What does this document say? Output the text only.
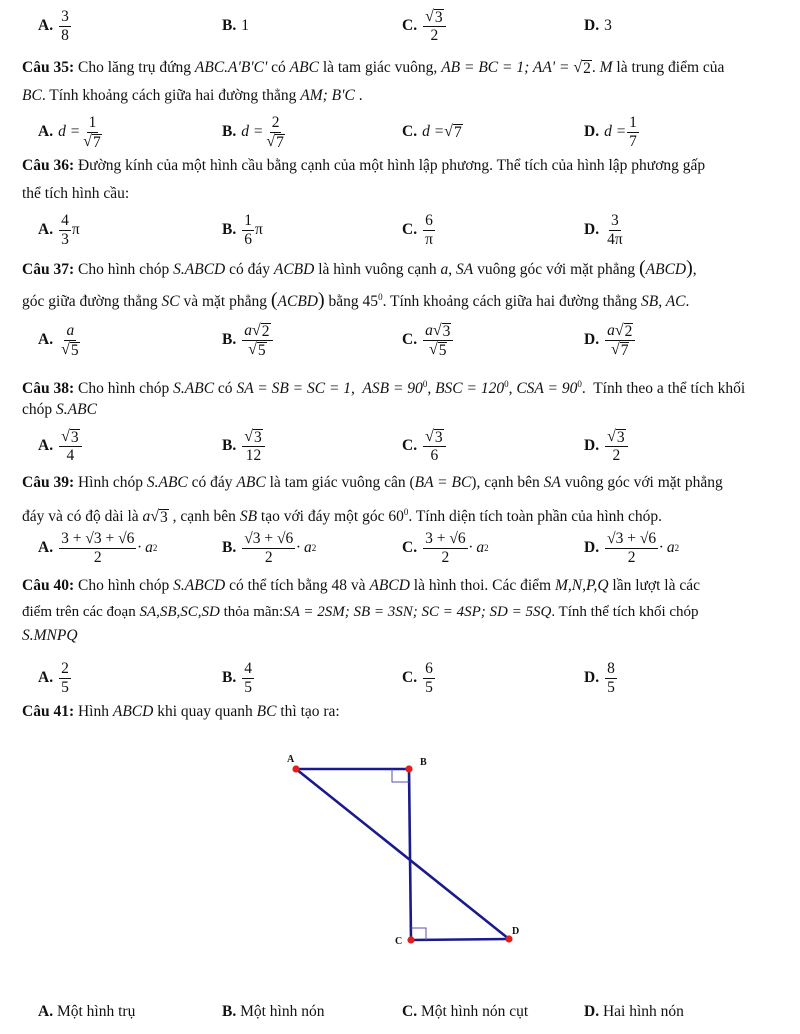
A. $\frac{3}{8}$	B. 1	C. $\frac{√ 3}{2}$	D. 3
Câu 35: Cho lăng trụ đứng ABC.A'B'C' có ABC là tam giác vuông, AB = BC = 1; AA' = √ 2 . M là trung điểm của
BC. Tính khoảng cách giữa hai đường thẳng AM; B'C .
A. $d = \frac{1}{√ 7}$	B. $d = \frac{2}{√ 7}$	C. d = √ 7	D. $d = \frac{1}{7}$
Câu 36: Đường kính của một hình cầu bằng cạnh của một hình lập phương. Thể tích của hình lập phương gấp
thể tích hình cầu:
A. $\frac{4}{3}$ π	B. $\frac{1}{6}$ π	C. $\frac{6}{\pi}$	D. $\frac{3}{4\pi}$
Câu 37: Cho hình chóp S.ABCD có đáy ACBD là hình vuông cạnh a, SA vuông góc với mặt phẳng (ABCD),
góc giữa đường thẳng SC và mặt phẳng (ACBD) bằng $45^0$. Tính khoảng cách giữa hai đường thẳng SB, AC.
A. $\frac{a}{√ 5}$	B. $\frac{a √ 2}{√ 5}$	C. $\frac{a √ 3}{√ 5}$	D. $\frac{a √ 2}{√ 7}$
Câu 38: Cho hình chóp S.ABC có SA = SB = SC = 1,  ASB = $90^0$, BSC = $120^0$, CSA = $90^0$.  Tính theo a thể tích khối
chóp S.ABC
A. $\frac{√ 3}{4}$	B. $\frac{√ 3}{12}$	C. $\frac{√ 3}{6}$	D. $\frac{√ 3}{2}$
Câu 39: Hình chóp S.ABC có đáy ABC là tam giác vuông cân (BA = BC), cạnh bên SA vuông góc với mặt phẳng
đáy và có độ dài là a √ 3 , cạnh bên SB tạo với đáy một góc $60^0$. Tính diện tích toàn phần của hình chóp.
A. $\frac{3 + √3 + √6}{2} \cdot a$ 2	B. $\frac{√3 + √6}{2} \cdot a$ 2	C. $\frac{3 + √6}{2} \cdot a$ 2	D. $\frac{√3 + √6}{2} \cdot a$ 2
Câu 40: Cho hình chóp S.ABCD có thể tích bằng 48 và ABCD là hình thoi. Các điểm M,N,P,Q lần lượt là các
điểm trên các đoạn SA,SB,SC,SD thỏa mãn:SA = 2SM; SB = 3SN; SC = 4SP; SD = 5SQ. Tính thể tích khối chóp
S.MNPQ
A. $\frac{2}{5}$	B. $\frac{4}{5}$	C. $\frac{6}{5}$	D. $\frac{8}{5}$
Câu 41: Hình ABCD khi quay quanh BC thì tạo ra:
A	B
C
D
A. Một hình trụ	B. Một hình nón	C. Một hình nón cụt	D. Hai hình nón
